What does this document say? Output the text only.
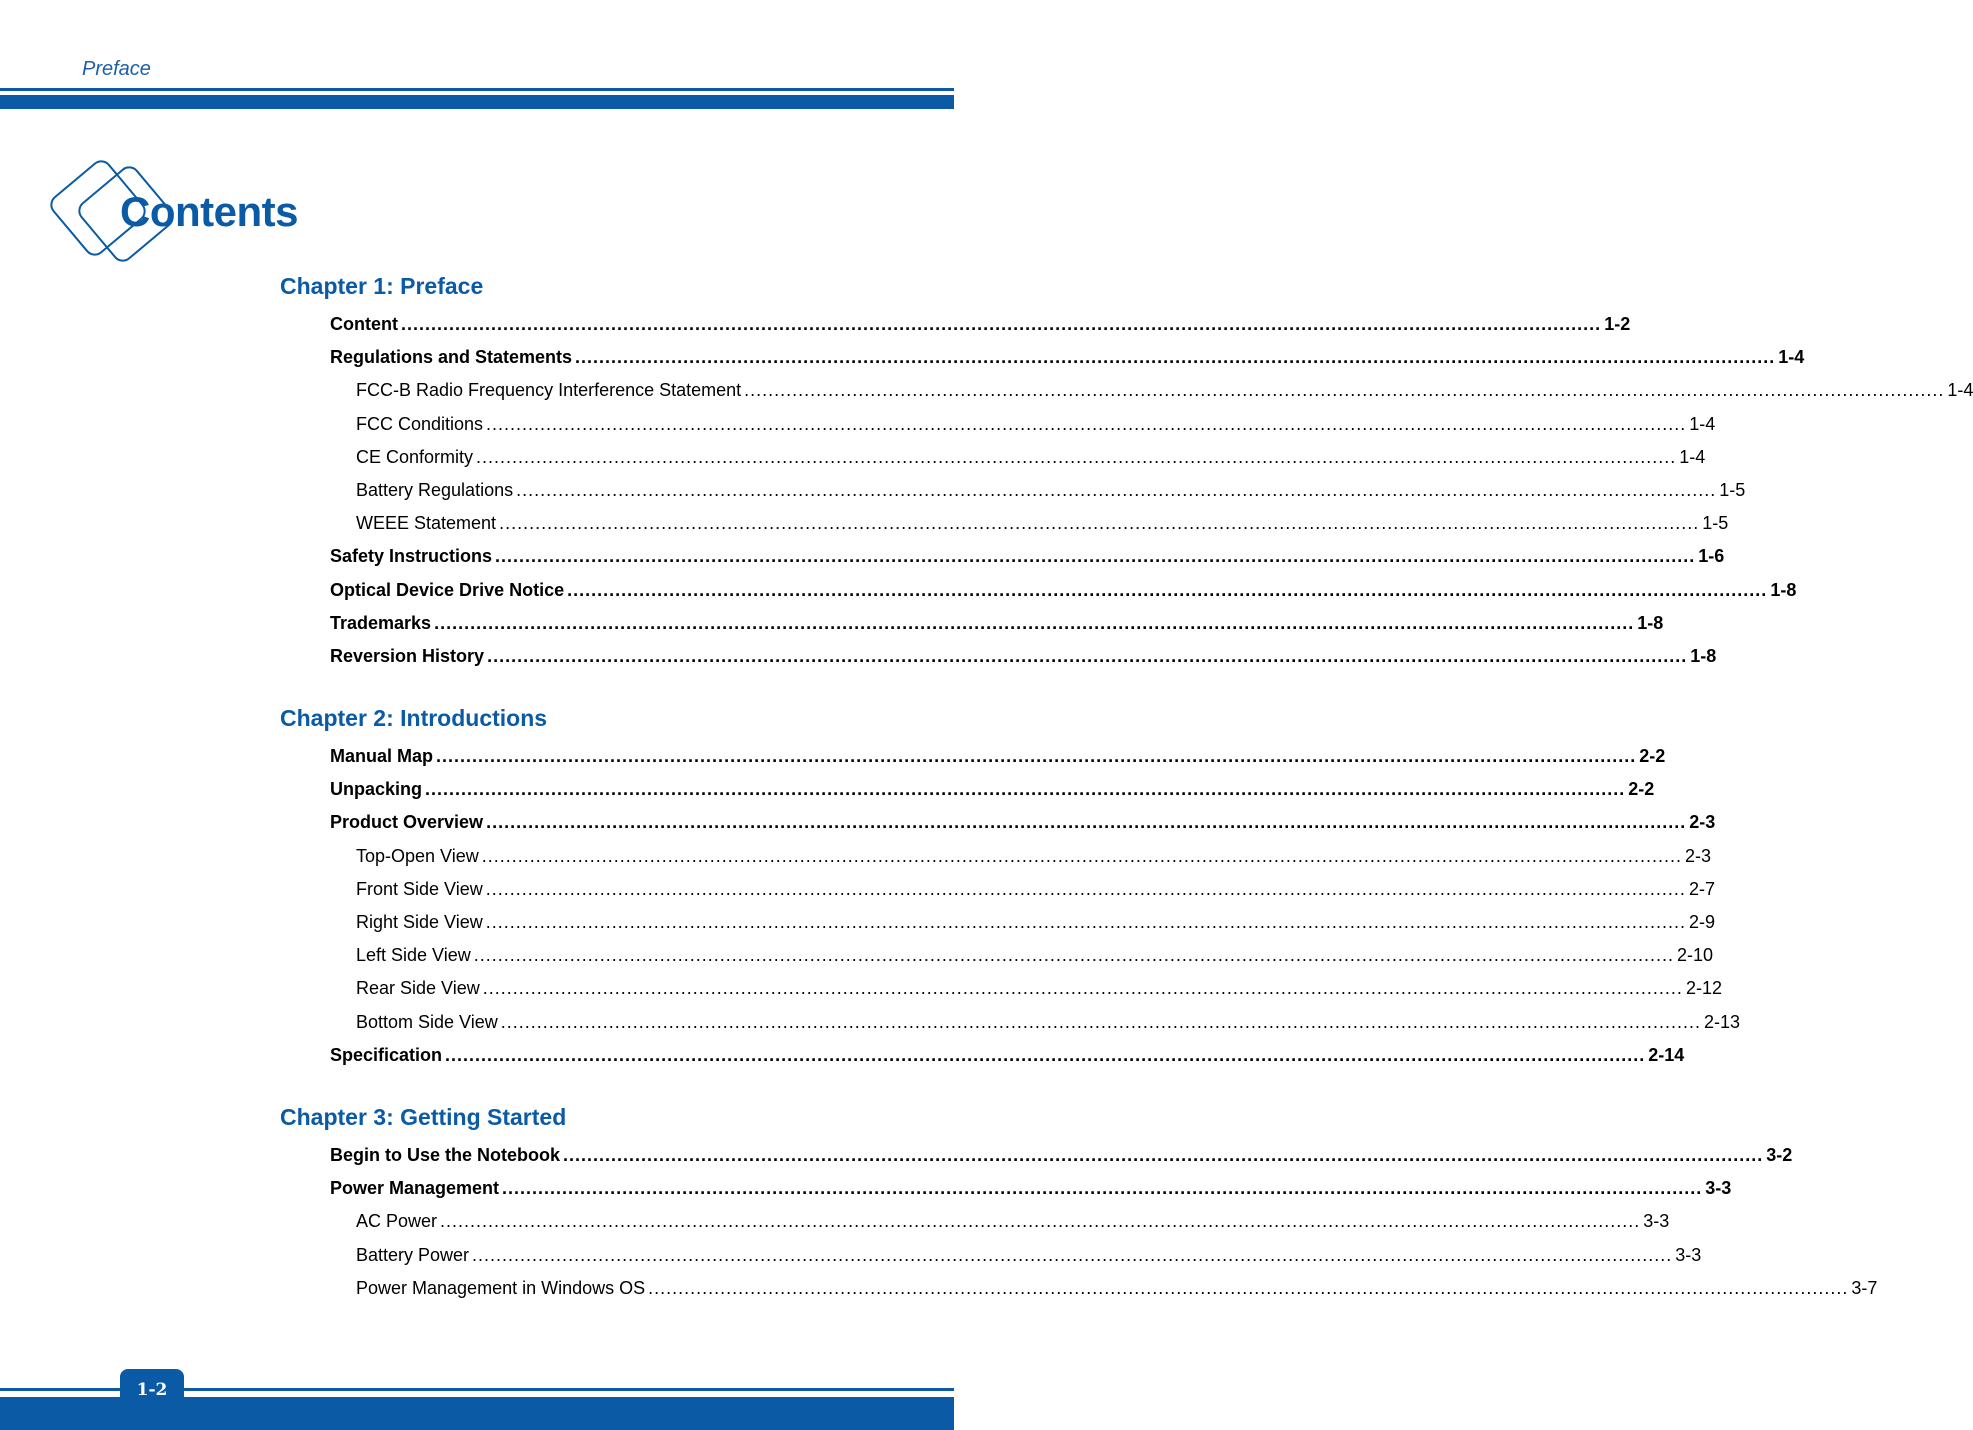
Preface
Contents
Chapter 1: Preface
Content ........................................................................................................................................................................................................ 1-2
Regulations and Statements ........................................................................................................................................................................................................ 1-4
FCC-B Radio Frequency Interference Statement ........................................................................................................................................................................................................ 1-4
FCC Conditions ........................................................................................................................................................................................................ 1-4
CE Conformity ........................................................................................................................................................................................................ 1-4
Battery Regulations ........................................................................................................................................................................................................ 1-5
WEEE Statement ........................................................................................................................................................................................................ 1-5
Safety Instructions ........................................................................................................................................................................................................ 1-6
Optical Device Drive Notice ........................................................................................................................................................................................................ 1-8
Trademarks ........................................................................................................................................................................................................ 1-8
Reversion History ........................................................................................................................................................................................................ 1-8
Chapter 2: Introductions
Manual Map ........................................................................................................................................................................................................ 2-2
Unpacking ........................................................................................................................................................................................................ 2-2
Product Overview ........................................................................................................................................................................................................ 2-3
Top-Open View ........................................................................................................................................................................................................ 2-3
Front Side View ........................................................................................................................................................................................................ 2-7
Right Side View ........................................................................................................................................................................................................ 2-9
Left Side View ........................................................................................................................................................................................................ 2-10
Rear Side View ........................................................................................................................................................................................................ 2-12
Bottom Side View ........................................................................................................................................................................................................ 2-13
Specification ........................................................................................................................................................................................................ 2-14
Chapter 3: Getting Started
Begin to Use the Notebook ........................................................................................................................................................................................................ 3-2
Power Management ........................................................................................................................................................................................................ 3-3
AC Power ........................................................................................................................................................................................................ 3-3
Battery Power ........................................................................................................................................................................................................ 3-3
Power Management in Windows OS ........................................................................................................................................................................................................ 3-7
1-2
